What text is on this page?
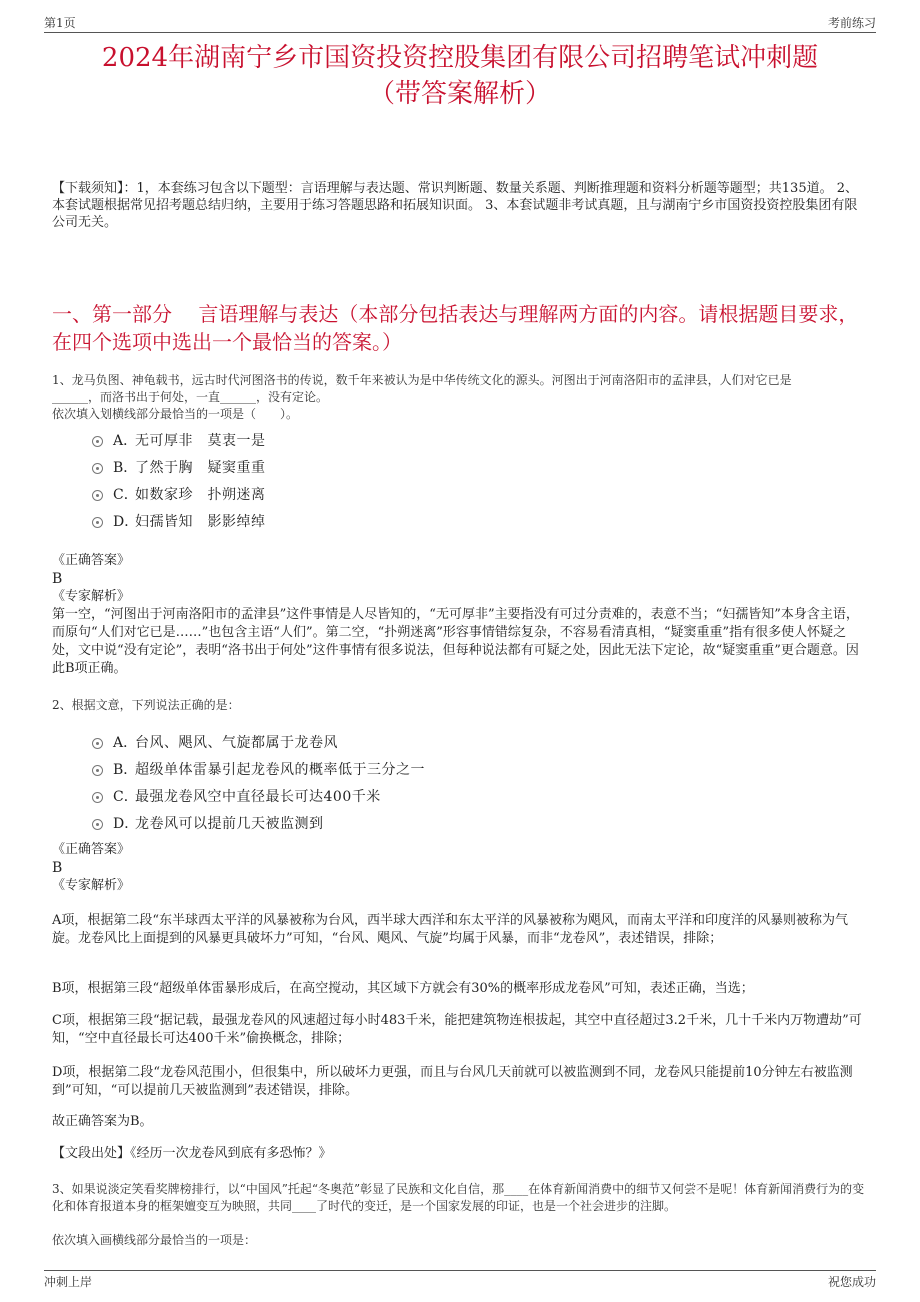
第1页	考前练习
2024年湖南宁乡市国资投资控股集团有限公司招聘笔试冲刺题
（带答案解析）
【下载须知】：1，本套练习包含以下题型：言语理解与表达题、常识判断题、数量关系题、判断推理题和资料分析题等题型；共135道。 2、本套试题根据常见招考题总结归纳，主要用于练习答题思路和拓展知识面。 3、本套试题非考试真题，且与湖南宁乡市国资投资控股集团有限公司无关。
一、第一部分　 言语理解与表达（本部分包括表达与理解两方面的内容。请根据题目要求，在四个选项中选出一个最恰当的答案。）

1、龙马负图、神龟载书，远古时代河图洛书的传说，数千年来被认为是中华传统文化的源头。河图出于河南洛阳市的孟津县，人们对它已是

______，而洛书出于何处，一直______，没有定论。

依次填入划横线部分最恰当的一项是（　　）。

A．
无可厚非　莫衷一是
B．
了然于胸　疑窦重重
C．
如数家珍　扑朔迷离
D．
妇孺皆知　影影绰绰

《正确答案》

B

《专家解析》

第一空，“河图出于河南洛阳市的孟津县”这件事情是人尽皆知的，“无可厚非”主要指没有可过分责难的，表意不当；“妇孺皆知”本身含主语，而原句“人们对它已是……”也包含主语“人们”。第二空，“扑朔迷离”形容事情错综复杂，不容易看清真相，“疑窦重重”指有很多使人怀疑之处，文中说“没有定论”，表明“洛书出于何处”这件事情有很多说法，但每种说法都有可疑之处，因此无法下定论，故“疑窦重重”更合题意。因此B项正确。

2、根据文意，下列说法正确的是：
A．
台风、飓风、气旋都属于龙卷风
B．
超级单体雷暴引起龙卷风的概率低于三分之一
C．
最强龙卷风空中直径最长可达400千米
D．
龙卷风可以提前几天被监测到

《正确答案》

B

《专家解析》

A项，根据第二段“东半球西太平洋的风暴被称为台风，西半球大西洋和东太平洋的风暴被称为飓风，而南太平洋和印度洋的风暴则被称为气旋。龙卷风比上面提到的风暴更具破坏力”可知，“台风、飓风、气旋”均属于风暴，而非“龙卷风”，表述错误，排除；
B项，根据第三段“超级单体雷暴形成后，在高空搅动，其区域下方就会有30%的概率形成龙卷风”可知，表述正确，当选；
C项，根据第三段“据记载，最强龙卷风的风速超过每小时483千米，能把建筑物连根拔起，其空中直径超过3.2千米，几十千米内万物遭劫”可知，“空中直径最长可达400千米”偷换概念，排除；
D项，根据第二段“龙卷风范围小，但很集中，所以破坏力更强，而且与台风几天前就可以被监测到不同，龙卷风只能提前10分钟左右被监测到”可知，“可以提前几天被监测到”表述错误，排除。
故正确答案为B。
【文段出处】《经历一次龙卷风到底有多恐怖？》
3、如果说淡定笑看奖牌榜排行，以“中国风”托起“冬奥范”彰显了民族和文化自信，那____在体育新闻消费中的细节又何尝不是呢！体育新闻消费行为的变化和体育报道本身的框架嬗变互为映照，共同____了时代的变迁，是一个国家发展的印证，也是一个社会进步的注脚。
依次填入画横线部分最恰当的一项是：
冲刺上岸	祝您成功
